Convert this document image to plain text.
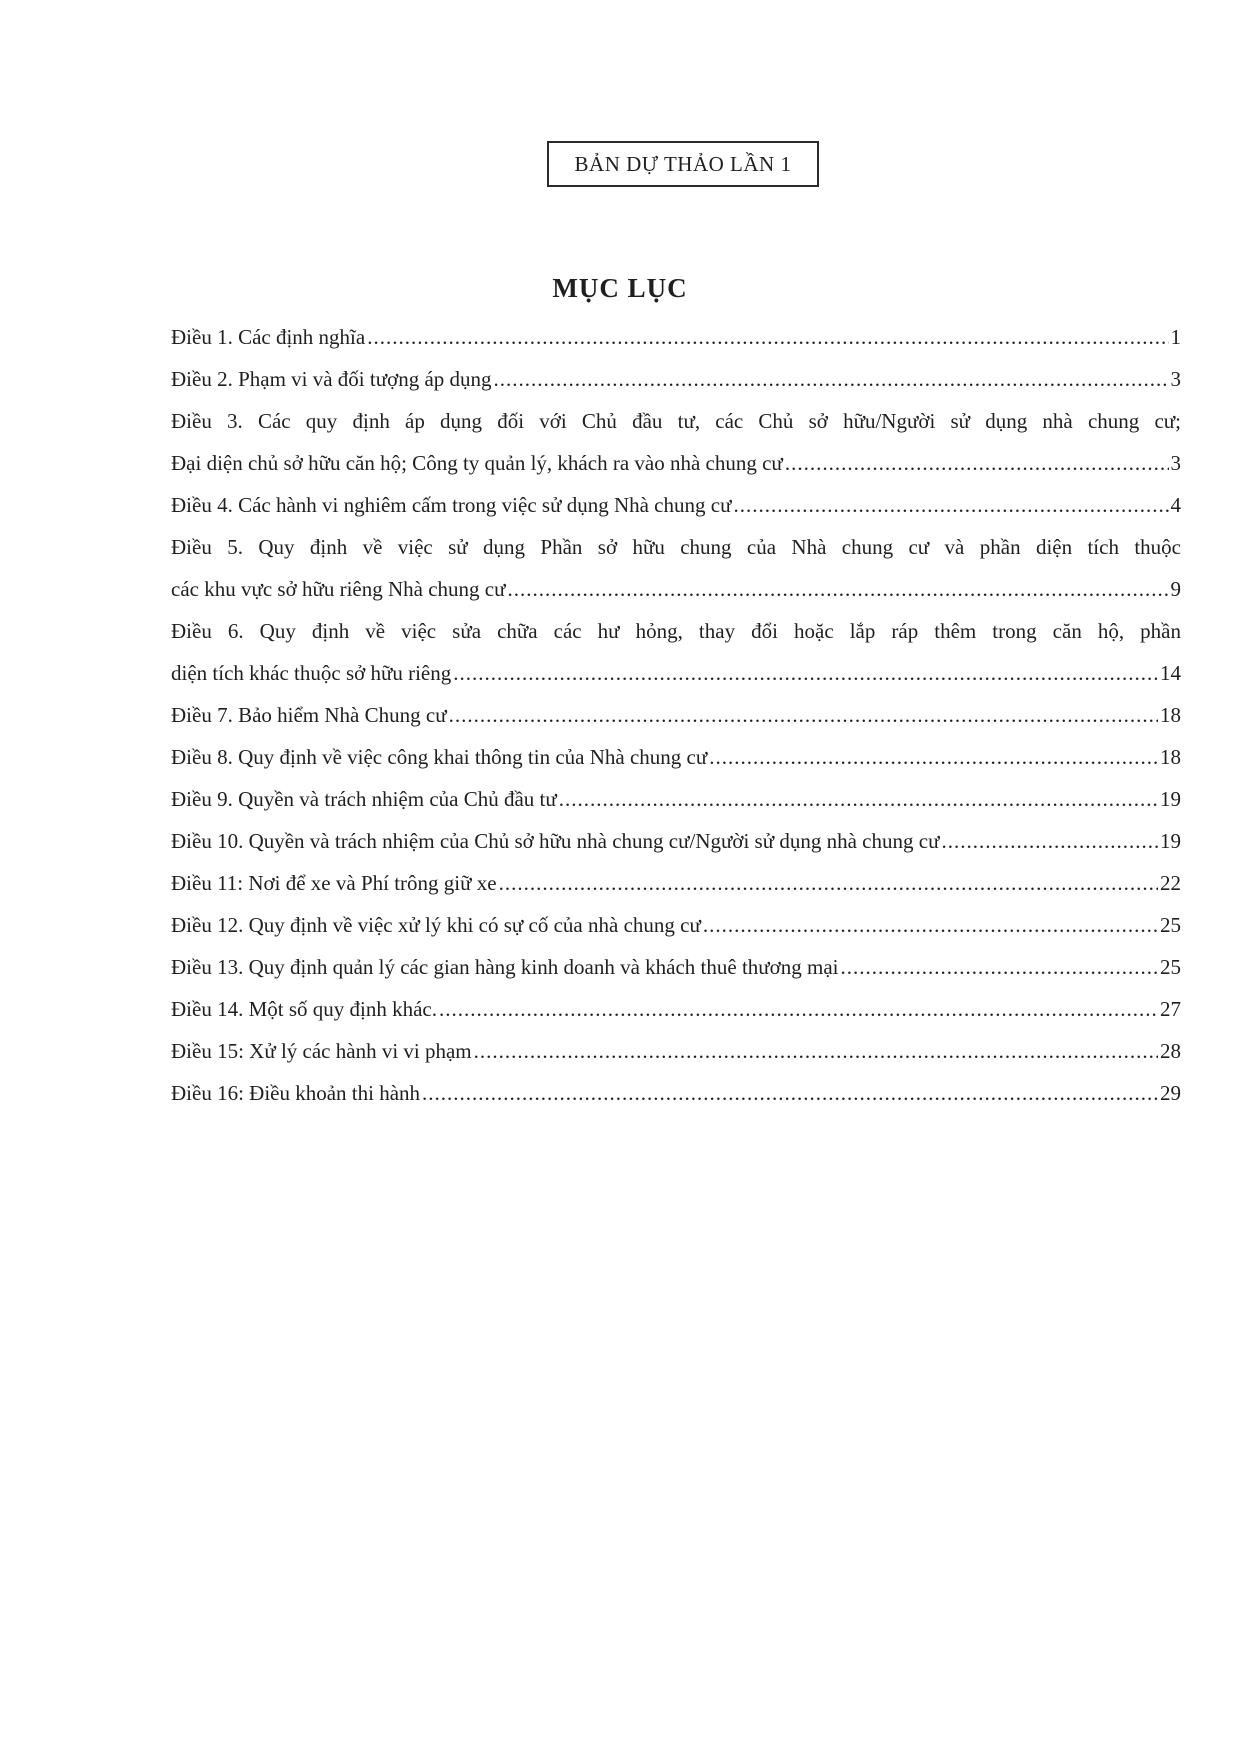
BẢN DỰ THẢO LẦN 1
MỤC LỤC
Điều 1. Các định nghĩa .....	1
Điều 2. Phạm vi và đối tượng áp dụng .....	3
Điều 3. Các quy định áp dụng đối với Chủ đầu tư, các Chủ sở hữu/Người sử dụng nhà chung cư;
Đại diện chủ sở hữu căn hộ; Công ty quản lý, khách ra vào nhà chung cư .....	3
Điều 4. Các hành vi nghiêm cấm trong việc sử dụng Nhà chung cư .....	4
Điều 5. Quy định về việc sử dụng Phần sở hữu chung của Nhà chung cư và phần diện tích thuộc
các khu vực sở hữu riêng Nhà chung cư .....	9
Điều 6. Quy định về việc sửa chữa các hư hỏng, thay đổi hoặc lắp ráp thêm trong căn hộ, phần
diện tích khác thuộc sở hữu riêng .....	14
Điều 7. Bảo hiểm Nhà Chung cư .....	18
Điều 8. Quy định về việc công khai thông tin của Nhà chung cư .....	18
Điều 9. Quyền và trách nhiệm của Chủ đầu tư .....	19
Điều 10. Quyền và trách nhiệm của Chủ sở hữu nhà chung cư/Người sử dụng nhà chung cư .....	19
Điều 11: Nơi để xe và Phí trông giữ xe .....	22
Điều 12. Quy định về việc xử lý khi có sự cố của nhà chung cư .....	25
Điều 13. Quy định quản lý các gian hàng kinh doanh và khách thuê thương mại .....	25
Điều 14. Một số quy định khác. .....	27
Điều 15: Xử lý các hành vi vi phạm .....	28
Điều 16: Điều khoản thi hành .....	29
